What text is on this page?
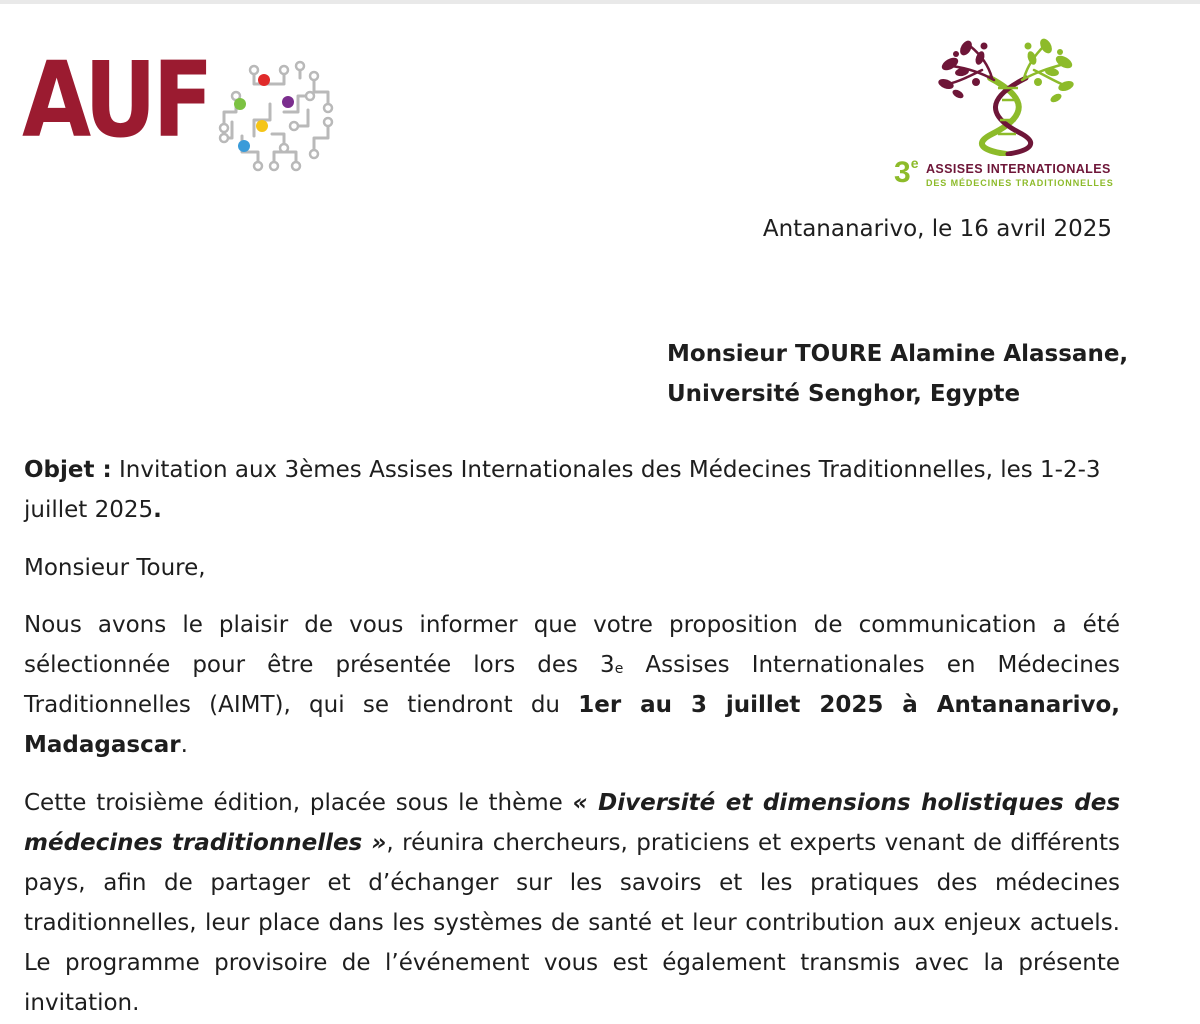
AUF
3e ASSISES INTERNATIONALES
DES MÉDECINES TRADITIONNELLES
Antananarivo, le 16 avril 2025
Monsieur TOURE Alamine Alassane,
Université Senghor, Egypte

Objet : Invitation aux 3èmes Assises Internationales des Médecines Traditionnelles, les 1-2-3 juillet 2025.

Monsieur Toure,

Nous avons le plaisir de vous informer que votre proposition de communication a été sélectionnée pour être présentée lors des 3e Assises Internationales en Médecines Traditionnelles (AIMT), qui se tiendront du 1er au 3 juillet 2025 à Antananarivo, Madagascar.

Cette troisième édition, placée sous le thème « Diversité et dimensions holistiques des médecines traditionnelles », réunira chercheurs, praticiens et experts venant de différents pays, afin de partager et d’échanger sur les savoirs et les pratiques des médecines traditionnelles, leur place dans les systèmes de santé et leur contribution aux enjeux actuels. Le programme provisoire de l’événement vous est également transmis avec la présente invitation.
